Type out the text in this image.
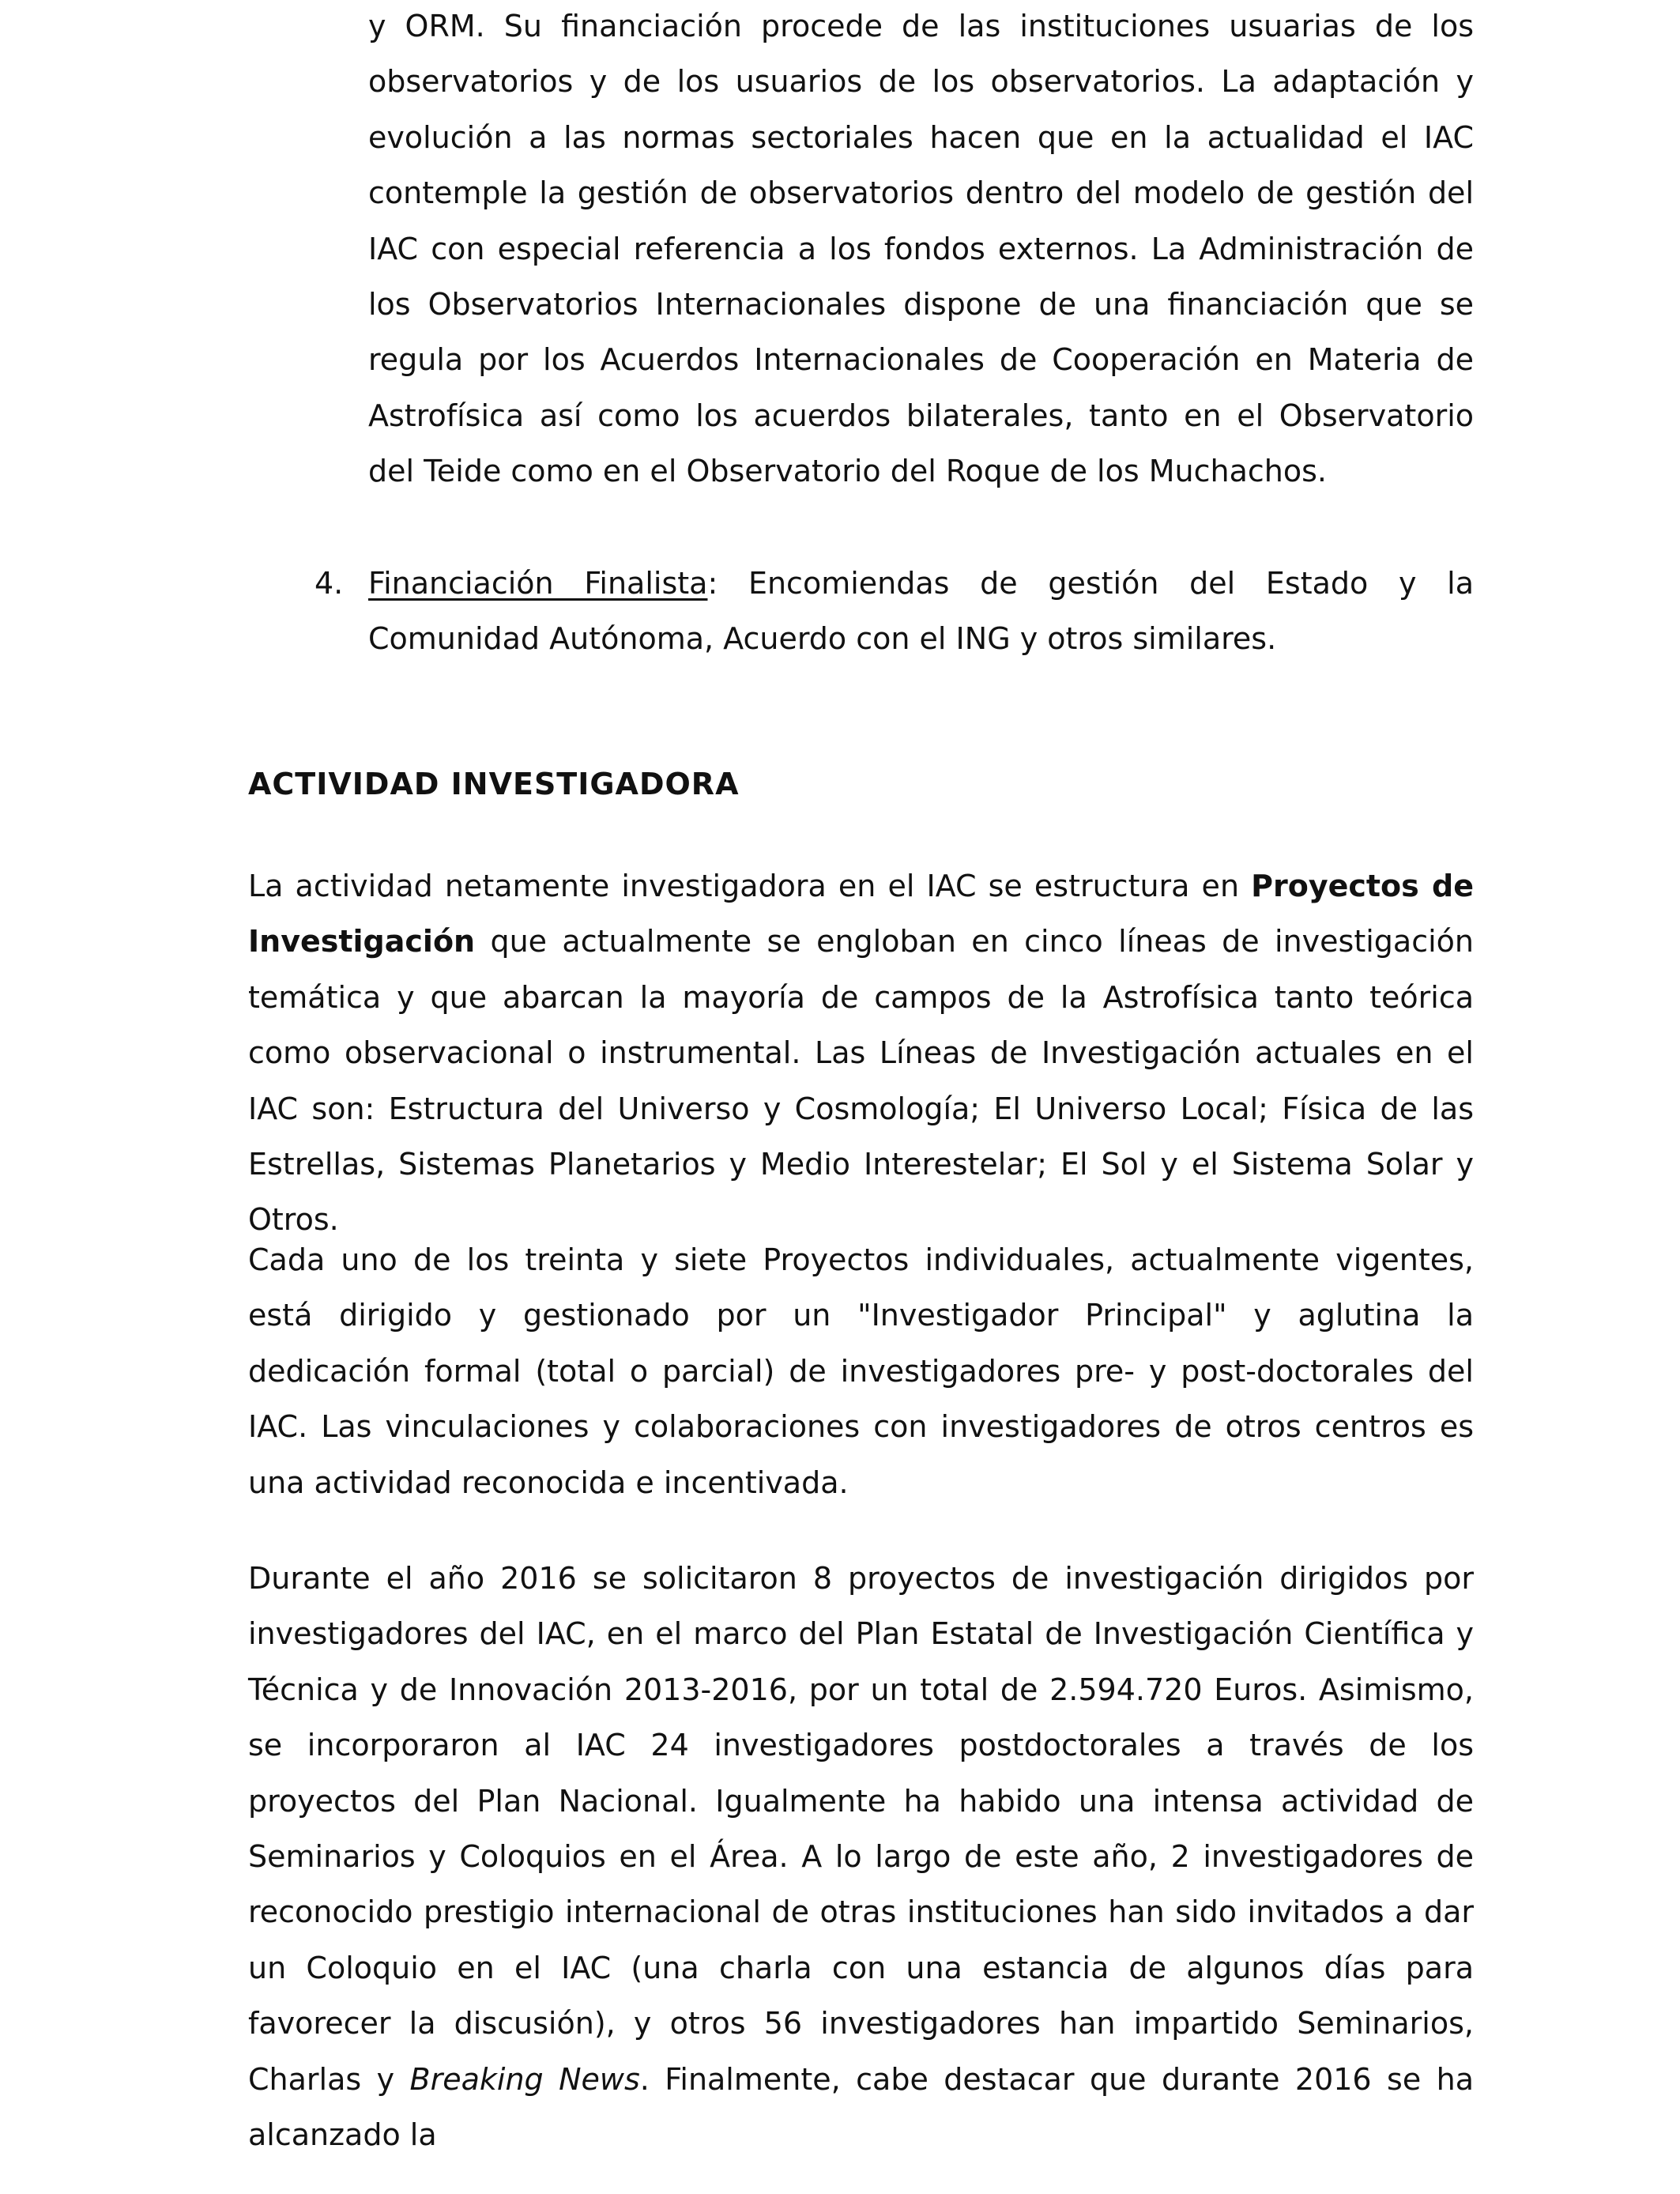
y ORM. Su financiación procede de las instituciones usuarias de los observatorios y de los usuarios de los observatorios. La adaptación y evolución a las normas sectoriales hacen que en la actualidad el IAC contemple la gestión de observatorios dentro del modelo de gestión del IAC con especial referencia a los fondos externos. La Administración de los Observatorios Internacionales dispone de una financiación que se regula por los Acuerdos Internacionales de Cooperación en Materia de Astrofísica así como los acuerdos bilaterales, tanto en el Observatorio del Teide como en el Observatorio del Roque de los Muchachos.

4. Financiación Finalista: Encomiendas de gestión del Estado y la Comunidad Autónoma, Acuerdo con el ING y otros similares.

ACTIVIDAD INVESTIGADORA

La actividad netamente investigadora en el IAC se estructura en Proyectos de Investigación que actualmente se engloban en cinco líneas de investigación temática y que abarcan la mayoría de campos de la Astrofísica tanto teórica como observacional o instrumental. Las Líneas de Investigación actuales en el IAC son: Estructura del Universo y Cosmología; El Universo Local; Física de las Estrellas, Sistemas Planetarios y Medio Interestelar; El Sol y el Sistema Solar y Otros.

Cada uno de los treinta y siete Proyectos individuales, actualmente vigentes, está dirigido y gestionado por un "Investigador Principal" y aglutina la dedicación formal (total o parcial) de investigadores pre- y post-doctorales del IAC. Las vinculaciones y colaboraciones con investigadores de otros centros es una actividad reconocida e incentivada.

Durante el año 2016 se solicitaron 8 proyectos de investigación dirigidos por investigadores del IAC, en el marco del Plan Estatal de Investigación Científica y Técnica y de Innovación 2013-2016, por un total de 2.594.720 Euros. Asimismo, se incorporaron al IAC 24 investigadores postdoctorales a través de los proyectos del Plan Nacional. Igualmente ha habido una intensa actividad de Seminarios y Coloquios en el Área. A lo largo de este año, 2 investigadores de reconocido prestigio internacional de otras instituciones han sido invitados a dar un Coloquio en el IAC (una charla con una estancia de algunos días para favorecer la discusión), y otros 56 investigadores han impartido Seminarios, Charlas y Breaking News. Finalmente, cabe destacar que durante 2016 se ha alcanzado la
